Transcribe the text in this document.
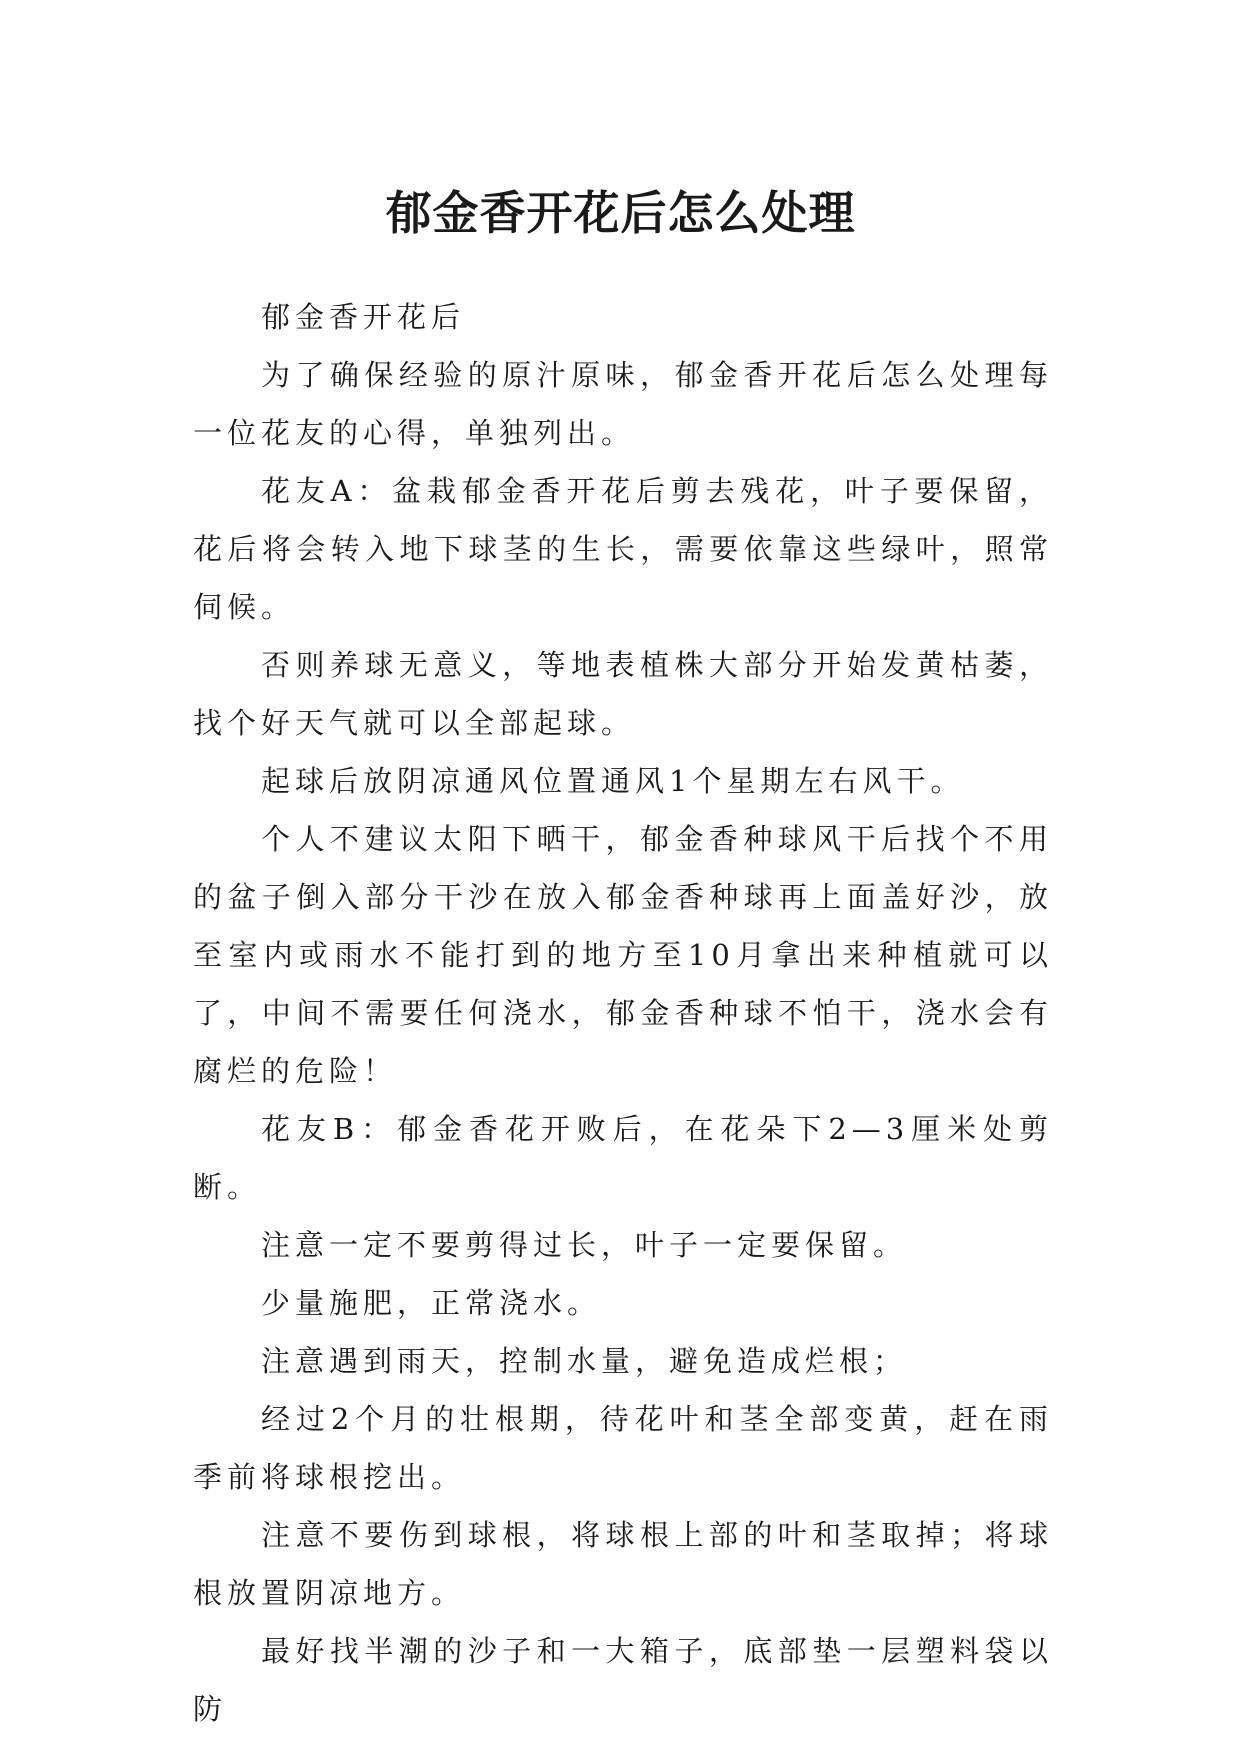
郁金香开花后怎么处理

郁金香开花后

为了确保经验的原汁原味，郁金香开花后怎么处理每一位花友的心得，单独列出。

花友A：盆栽郁金香开花后剪去残花，叶子要保留，花后将会转入地下球茎的生长，需要依靠这些绿叶，照常伺候。

否则养球无意义，等地表植株大部分开始发黄枯萎，找个好天气就可以全部起球。

起球后放阴凉通风位置通风1个星期左右风干。

个人不建议太阳下晒干，郁金香种球风干后找个不用的盆子倒入部分干沙在放入郁金香种球再上面盖好沙，放至室内或雨水不能打到的地方至10月拿出来种植就可以了，中间不需要任何浇水，郁金香种球不怕干，浇水会有腐烂的危险！

花友B：郁金香花开败后，在花朵下2—3厘米处剪断。

注意一定不要剪得过长，叶子一定要保留。

少量施肥，正常浇水。

注意遇到雨天，控制水量，避免造成烂根；

经过2个月的壮根期，待花叶和茎全部变黄，赶在雨季前将球根挖出。

注意不要伤到球根，将球根上部的叶和茎取掉；将球根放置阴凉地方。

最好找半潮的沙子和一大箱子，底部垫一层塑料袋以防
